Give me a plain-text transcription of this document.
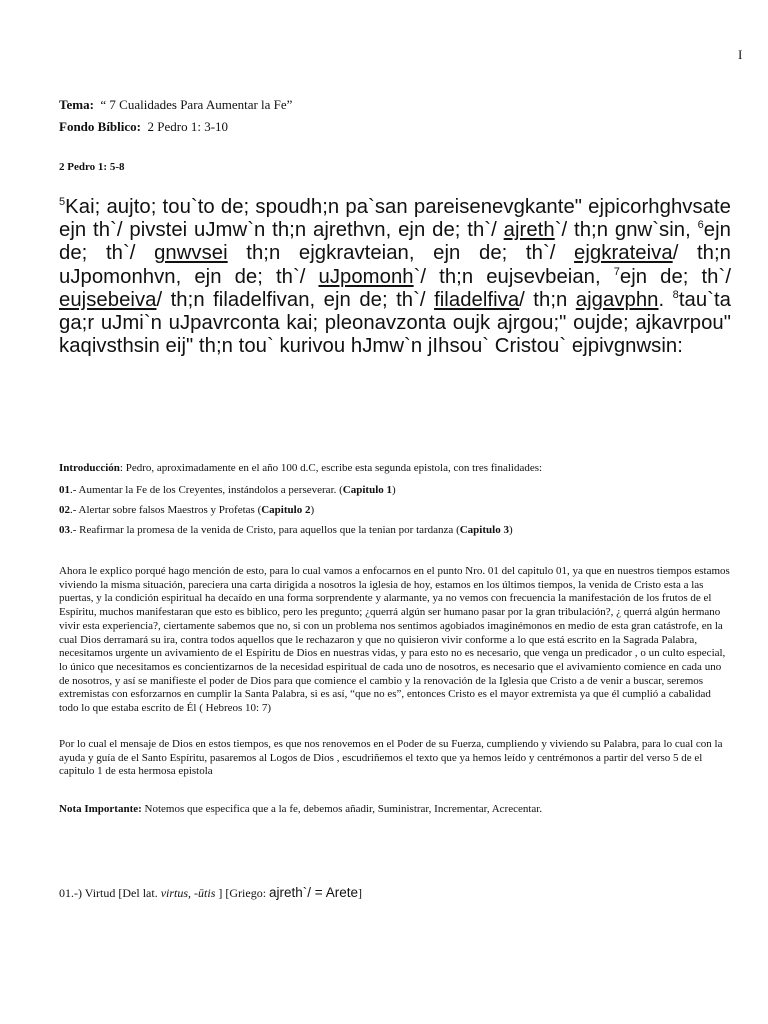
I
Tema: “ 7 Cualidades Para Aumentar la Fe”
Fondo Bíblico: 2 Pedro 1: 3-10
2 Pedro 1: 5-8
$^5$Kai; aujto; tou`to de; spoudh;n pa`san pareisenevgkante" ejpicorhghvsate ejn th`/ pivstei uJmw`n th;n ajrethvn, ejn de; th`/ ajreth`/ th;n gnw`sin, $^6$ejn de; th`/ gnwvsei th;n ejgkravteian, ejn de; th`/ ejgkrateiva/ th;n uJpomonhvn, ejn de; th`/ uJpomonh`/ th;n eujsevbeian, $^7$ejn de; th`/ eujsebeiva/ th;n filadelfivan, ejn de; th`/ filadelfiva/ th;n ajgavphn. $^8$tau`ta ga;r uJmi`n uJpavrconta kai; pleonavzonta oujk ajrgou;" oujde; ajkavrpou" kaqivsthsin eij" th;n tou` kurivou hJmw`n jIhsou` Cristou` ejpivgnwsin:
Introducción: Pedro, aproximadamente en el año 100 d.C, escribe esta segunda epistola, con tres finalidades:
01.- Aumentar la Fe de los Creyentes, instándolos a perseverar. (Capitulo 1)
02.- Alertar sobre falsos Maestros y Profetas (Capitulo 2)
03.- Reafirmar la promesa de la venida de Cristo, para aquellos que la tenian por tardanza (Capitulo 3)
Ahora le explico porqué hago mención de esto, para lo cual vamos a enfocarnos en el punto Nro. 01 del capitulo 01, ya que en nuestros tiempos estamos viviendo la misma situación, pareciera una carta dirigida a nosotros la iglesia de hoy, estamos en los últimos tiempos, la venida de Cristo esta a las puertas, y la condición espiritual ha decaído en una forma sorprendente y alarmante, ya no vemos con frecuencia la manifestación de los frutos de el Espíritu, muchos manifestaran que esto es biblico, pero les pregunto; ¿querrá algún ser humano pasar por la gran tribulación?, ¿ querrá algún hermano vivir esta experiencia?, ciertamente sabemos que no, si con un problema nos sentimos agobiados imaginémonos en medio de esta gran catástrofe, en la cual Dios derramará su ira, contra todos aquellos que le rechazaron y que no quisieron vivir conforme a lo que está escrito en la Sagrada Palabra, necesitamos urgente un avivamiento de el Espíritu de Dios en nuestras vidas, y para esto no es necesario, que venga un predicador , o un culto especial, lo único que necesitamos es concientizarnos de la necesidad espiritual de cada uno de nosotros, es necesario que el avivamiento comience en cada uno de nosotros, y así se manifieste el poder de Dios para que comience el cambio y la renovación de la Iglesia que Cristo a de venir a buscar, seremos extremistas con esforzarnos en cumplir la Santa Palabra, si es así, “que no es”, entonces Cristo es el mayor extremista ya que él cumplió a cabalidad todo lo que estaba escrito de Él ( Hebreos 10: 7)
Por lo cual el mensaje de Dios en estos tiempos, es que nos renovemos en el Poder de su Fuerza, cumpliendo y viviendo su Palabra, para lo cual con la ayuda y guía de el Santo Espíritu, pasaremos al Logos de Dios , escudriñemos el texto que ya hemos leído y centrémonos a partir del verso 5 de el capitulo 1 de esta hermosa epistola
Nota Importante: Notemos que especifica que a la fe, debemos añadir, Suministrar, Incrementar, Acrecentar.
01.-) Virtud [Del lat. virtus, -ūtis ] [Griego: ajreth`/ = Arete]
